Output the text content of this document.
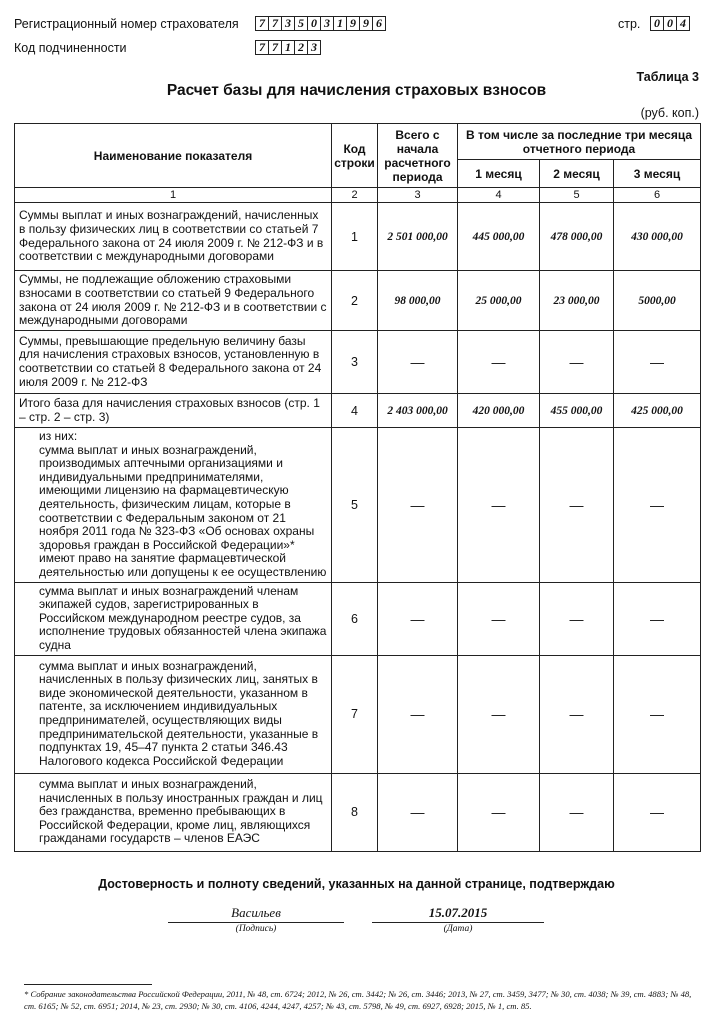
Регистрационный номер страхователя	7 7 3 5 0 3 1 9 9 6
Код подчиненности	7 7 1 2 3
стр.	0 0 4
Таблица 3
Расчет базы для начисления страховых взносов
(руб. коп.)
Наименование показателя	Код строки	Всего с начала расчетного периода	В том числе за последние три месяца отчетного периода		
			1 месяц	2 месяц	3 месяц
1	2	3	4	5	6
Суммы выплат и иных вознаграждений, начисленных в пользу физических лиц в соответствии со статьей 7 Федерального закона от 24 июля 2009 г. № 212-ФЗ и в соответствии с международными договорами	1	2 501 000,00	445 000,00	478 000,00	430 000,00
Суммы, не подлежащие обложению страховыми взносами в соответствии со статьей 9 Федерального закона от 24 июля 2009 г. № 212-ФЗ и в соответствии с международными договорами	2	98 000,00	25 000,00	23 000,00	5000,00
Суммы, превышающие предельную величину базы для начисления страховых взносов, установленную в соответствии со статьей 8 Федерального закона от 24 июля 2009 г. № 212-ФЗ	3	—	—	—	—
Итого база для начисления страховых взносов (стр. 1 – стр. 2 – стр. 3)	4	2 403 000,00	420 000,00	455 000,00	425 000,00
из них:
сумма выплат и иных вознаграждений, производимых аптечными организациями и индивидуальными предпринимателями, имеющими лицензию на фармацевтическую деятельность, физическим лицам, которые в соответствии с Федеральным законом от 21 ноября 2011 года № 323-ФЗ «Об основах охраны здоровья граждан в Российской Федерации»* имеют право на занятие фармацевтической деятельностью или допущены к ее осуществлению	5	—	—	—	—
сумма выплат и иных вознаграждений членам экипажей судов, зарегистрированных в Российском международном реестре судов, за исполнение трудовых обязанностей члена экипажа судна	6	—	—	—	—
сумма выплат и иных вознаграждений, начисленных в пользу физических лиц, занятых в виде экономической деятельности, указанном в патенте, за исключением индивидуальных предпринимателей, осуществляющих виды предпринимательской деятельности, указанные в подпунктах 19, 45–47 пункта 2 статьи 346.43 Налогового кодекса Российской Федерации	7	—	—	—	—
сумма выплат и иных вознаграждений, начисленных в пользу иностранных граждан и лиц без гражданства, временно пребывающих в Российской Федерации, кроме лиц, являющихся гражданами государств – членов ЕАЭС	8	—	—	—	—
Достоверность и полноту сведений, указанных на данной странице, подтверждаю
Васильев
(Подпись)
15.07.2015
(Дата)
* Собрание законодательства Российской Федерации, 2011, № 48, ст. 6724; 2012, № 26, ст. 3442; № 26, ст. 3446; 2013, № 27, ст. 3459, 3477; № 30, ст. 4038; № 39, ст. 4883; № 48, ст. 6165; № 52, ст. 6951; 2014, № 23, ст. 2930; № 30, ст. 4106, 4244, 4247, 4257; № 43, ст. 5798, № 49, ст. 6927, 6928; 2015, № 1, ст. 85.
